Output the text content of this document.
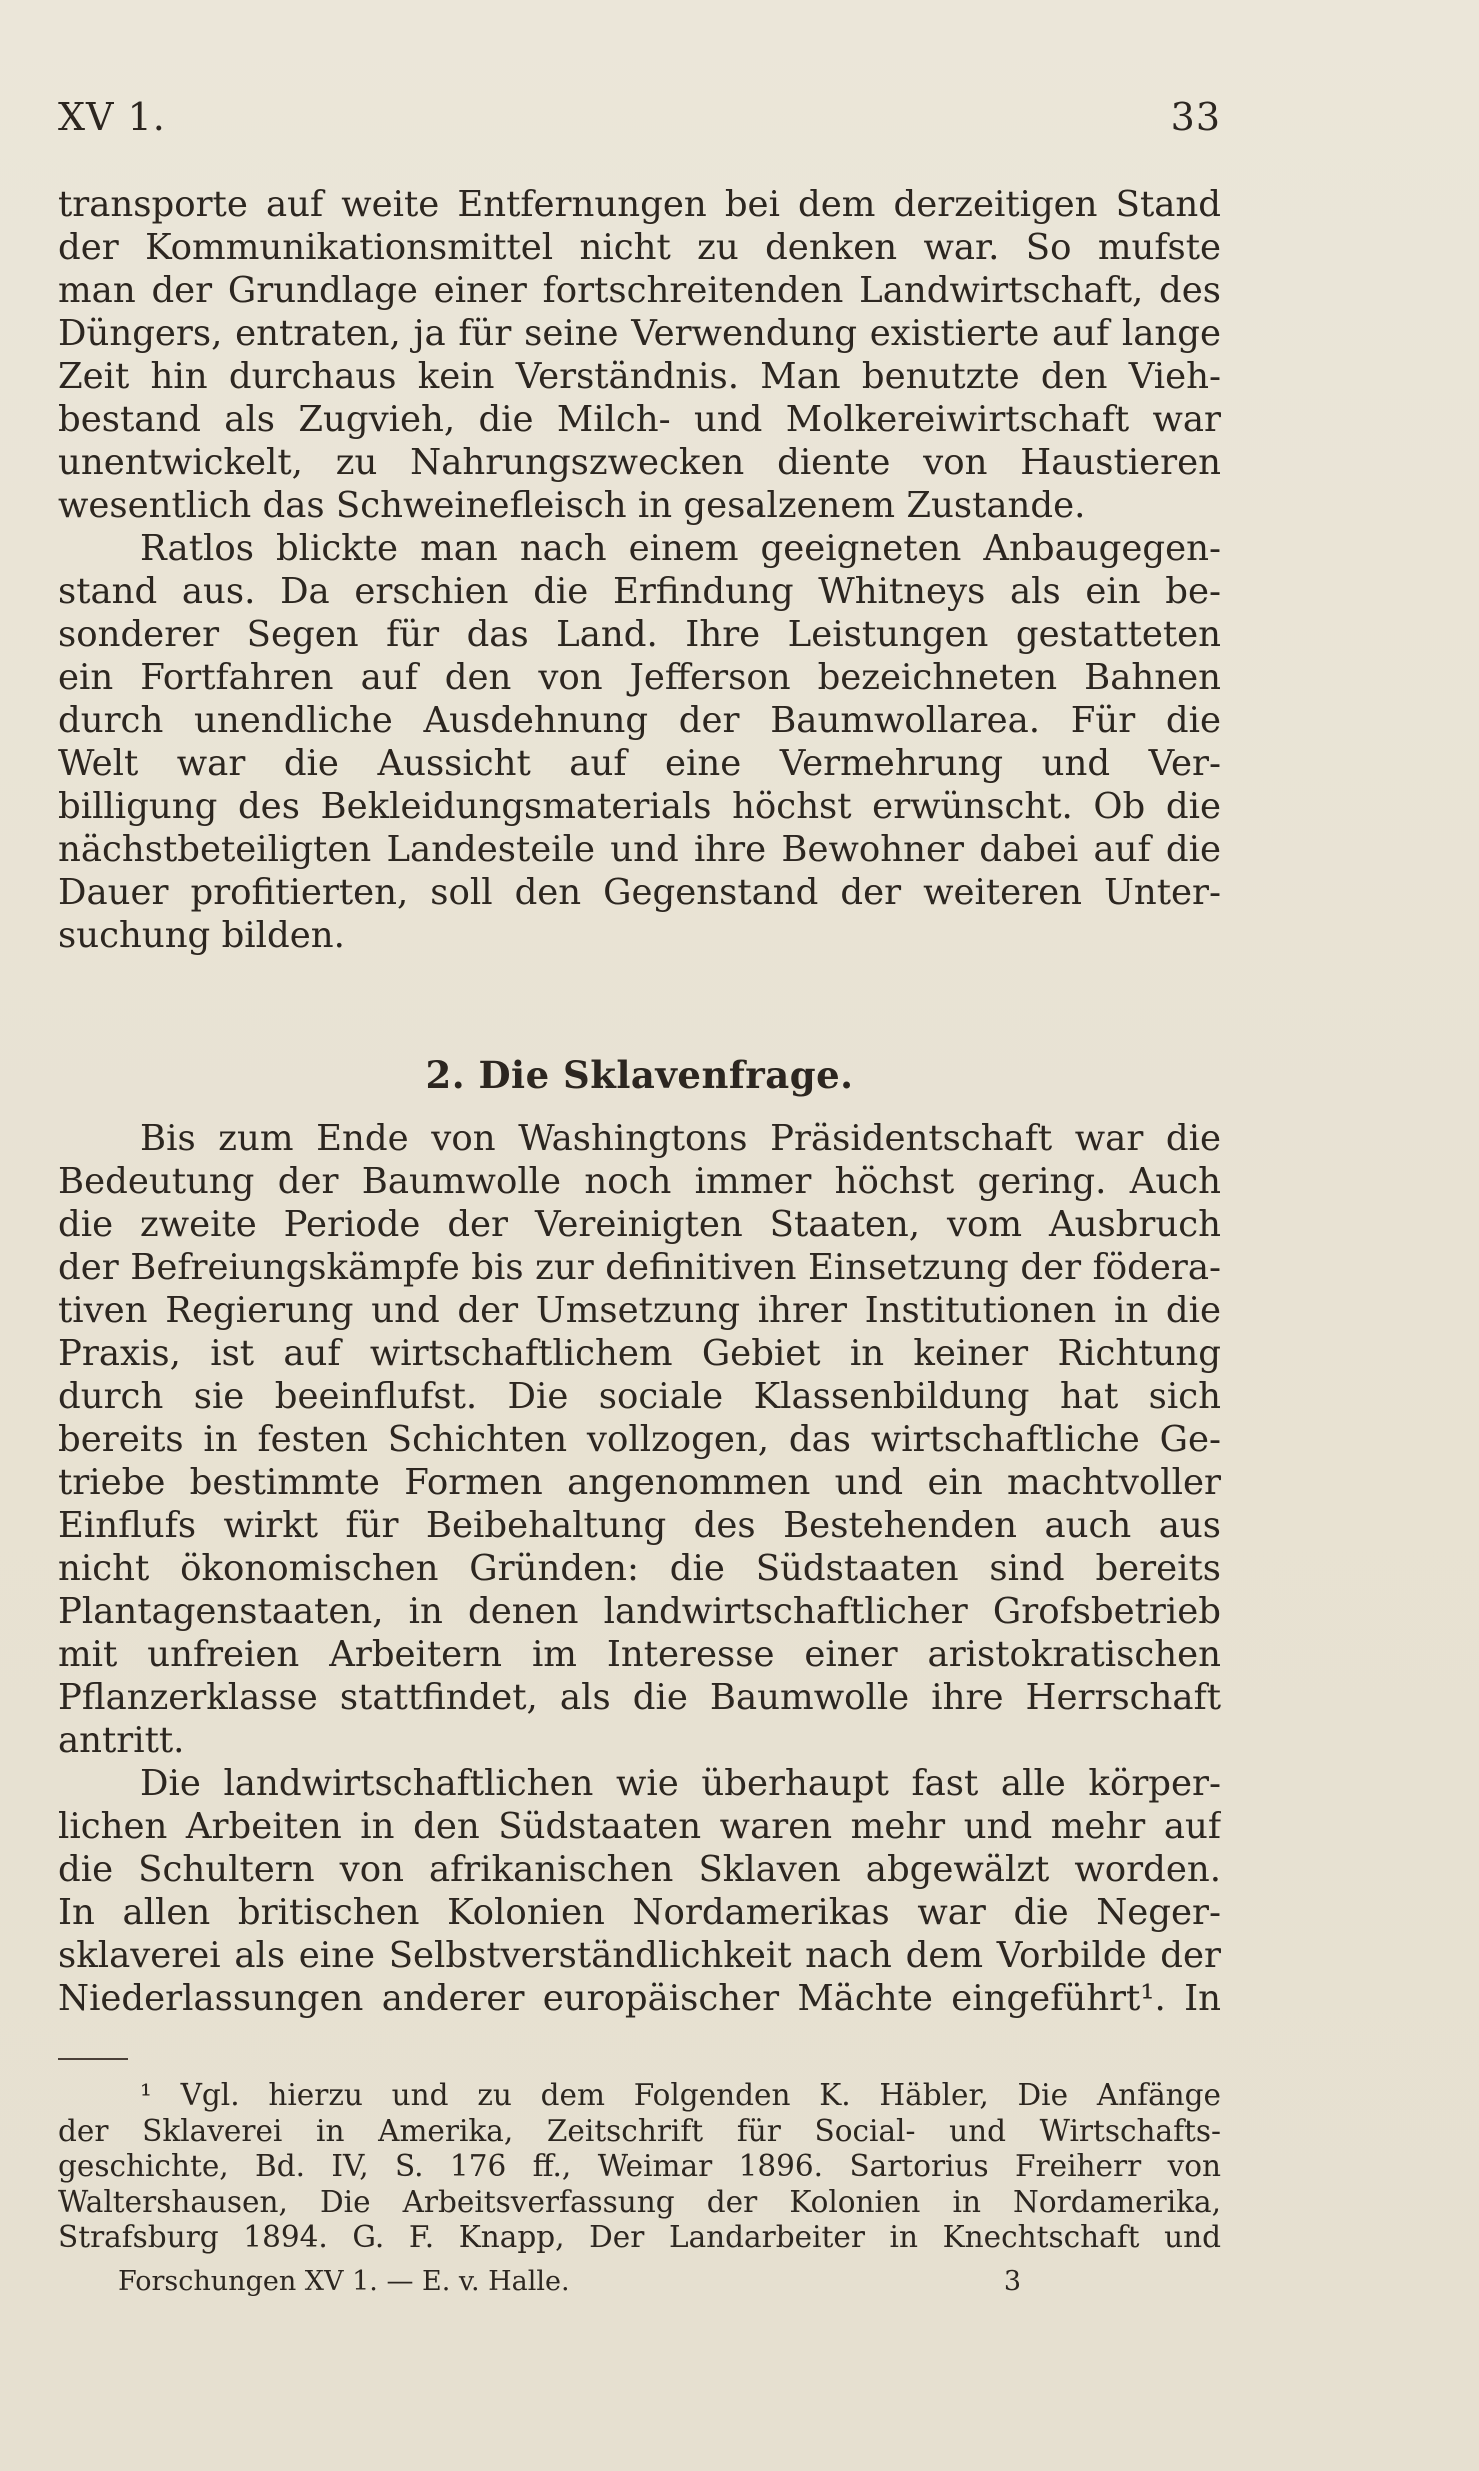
XV 1.	33
transporte auf weite Entfernungen bei dem derzeitigen Stand
der Kommunikationsmittel nicht zu denken war. So mufste
man der Grundlage einer fortschreitenden Landwirtschaft, des
Düngers, entraten, ja für seine Verwendung existierte auf lange
Zeit hin durchaus kein Verständnis. Man benutzte den Vieh-
bestand als Zugvieh, die Milch- und Molkereiwirtschaft war
unentwickelt, zu Nahrungszwecken diente von Haustieren
wesentlich das Schweinefleisch in gesalzenem Zustande.
Ratlos blickte man nach einem geeigneten Anbaugegen-
stand aus. Da erschien die Erfindung Whitneys als ein be-
sonderer Segen für das Land. Ihre Leistungen gestatteten
ein Fortfahren auf den von Jefferson bezeichneten Bahnen
durch unendliche Ausdehnung der Baumwollarea. Für die
Welt war die Aussicht auf eine Vermehrung und Ver-
billigung des Bekleidungsmaterials höchst erwünscht. Ob die
nächstbeteiligten Landesteile und ihre Bewohner dabei auf die
Dauer profitierten, soll den Gegenstand der weiteren Unter-
suchung bilden.
2. Die Sklavenfrage.
Bis zum Ende von Washingtons Präsidentschaft war die
Bedeutung der Baumwolle noch immer höchst gering. Auch
die zweite Periode der Vereinigten Staaten, vom Ausbruch
der Befreiungskämpfe bis zur definitiven Einsetzung der födera-
tiven Regierung und der Umsetzung ihrer Institutionen in die
Praxis, ist auf wirtschaftlichem Gebiet in keiner Richtung
durch sie beeinflufst. Die sociale Klassenbildung hat sich
bereits in festen Schichten vollzogen, das wirtschaftliche Ge-
triebe bestimmte Formen angenommen und ein machtvoller
Einflufs wirkt für Beibehaltung des Bestehenden auch aus
nicht ökonomischen Gründen: die Südstaaten sind bereits
Plantagenstaaten, in denen landwirtschaftlicher Grofsbetrieb
mit unfreien Arbeitern im Interesse einer aristokratischen
Pflanzerklasse stattfindet, als die Baumwolle ihre Herrschaft
antritt.
Die landwirtschaftlichen wie überhaupt fast alle körper-
lichen Arbeiten in den Südstaaten waren mehr und mehr auf
die Schultern von afrikanischen Sklaven abgewälzt worden.
In allen britischen Kolonien Nordamerikas war die Neger-
sklaverei als eine Selbstverständlichkeit nach dem Vorbilde der
Niederlassungen anderer europäischer Mächte eingeführt¹. In
¹ Vgl. hierzu und zu dem Folgenden K. Häbler, Die Anfänge
der Sklaverei in Amerika, Zeitschrift für Social- und Wirtschafts-
geschichte, Bd. IV, S. 176 ff., Weimar 1896. Sartorius Freiherr von
Waltershausen, Die Arbeitsverfassung der Kolonien in Nordamerika,
Strafsburg 1894. G. F. Knapp, Der Landarbeiter in Knechtschaft und
Forschungen XV 1. — E. v. Halle.	3
